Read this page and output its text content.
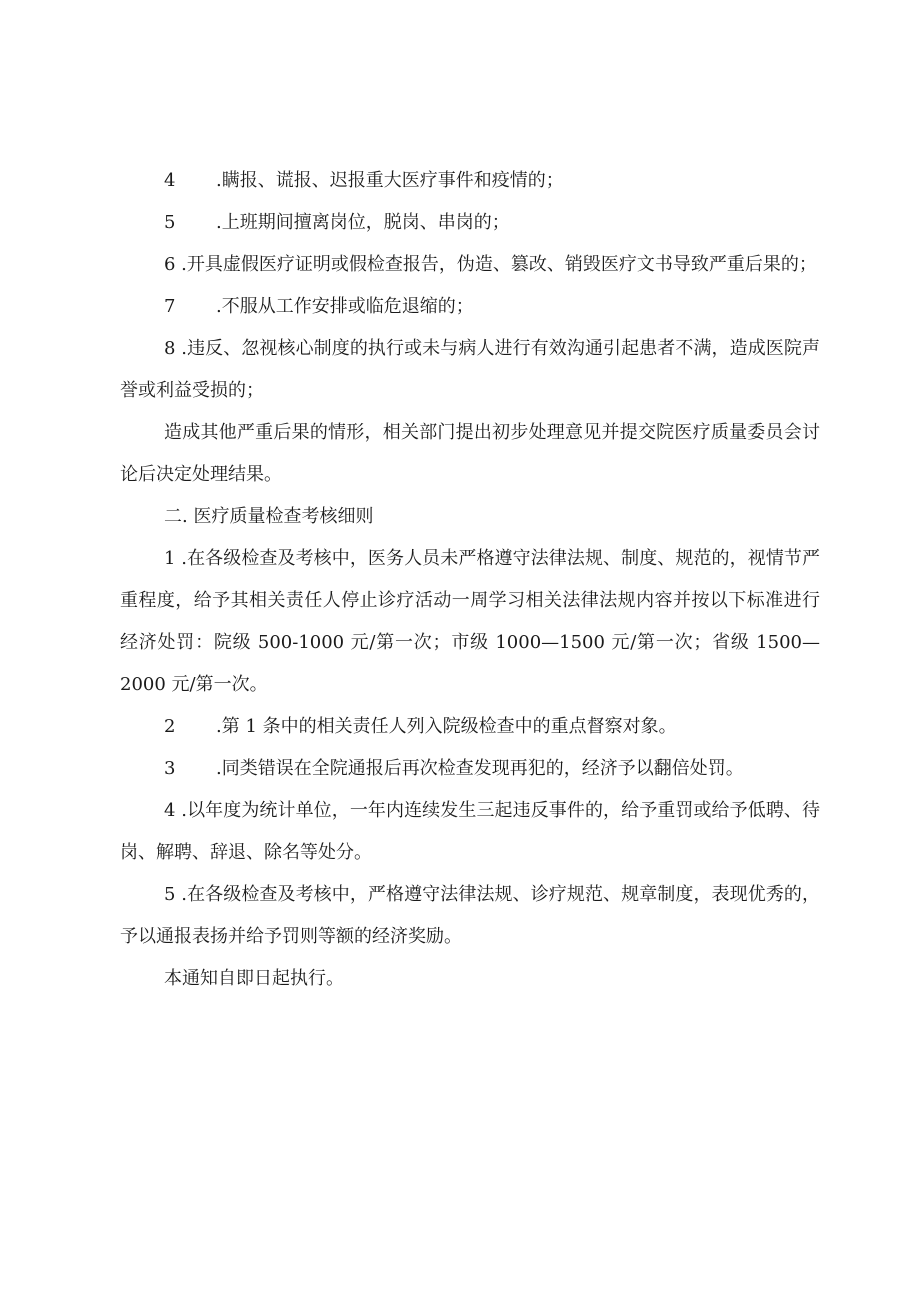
4	.瞒报、谎报、迟报重大医疗事件和疫情的；
5	.上班期间擅离岗位，脱岗、串岗的；

6 .开具虚假医疗证明或假检查报告，伪造、篡改、销毁医疗文书导致严重后果的；

7	.不服从工作安排或临危退缩的；

8 .违反、忽视核心制度的执行或未与病人进行有效沟通引起患者不满，造成医院声誉或利益受损的；

造成其他严重后果的情形，相关部门提出初步处理意见并提交院医疗质量委员会讨论后决定处理结果。

二. 医疗质量检查考核细则

1 .在各级检查及考核中，医务人员未严格遵守法律法规、制度、规范的，视情节严重程度，给予其相关责任人停止诊疗活动一周学习相关法律法规内容并按以下标准进行经济处罚：院级 500-1000 元/第一次；市级 1000—1500 元/第一次；省级 1500—2000 元/第一次。

2	.第 1 条中的相关责任人列入院级检查中的重点督察对象。
3	.同类错误在全院通报后再次检查发现再犯的，经济予以翻倍处罚。

4 .以年度为统计单位，一年内连续发生三起违反事件的，给予重罚或给予低聘、待岗、解聘、辞退、除名等处分。

5 .在各级检查及考核中，严格遵守法律法规、诊疗规范、规章制度，表现优秀的，予以通报表扬并给予罚则等额的经济奖励。

本通知自即日起执行。
